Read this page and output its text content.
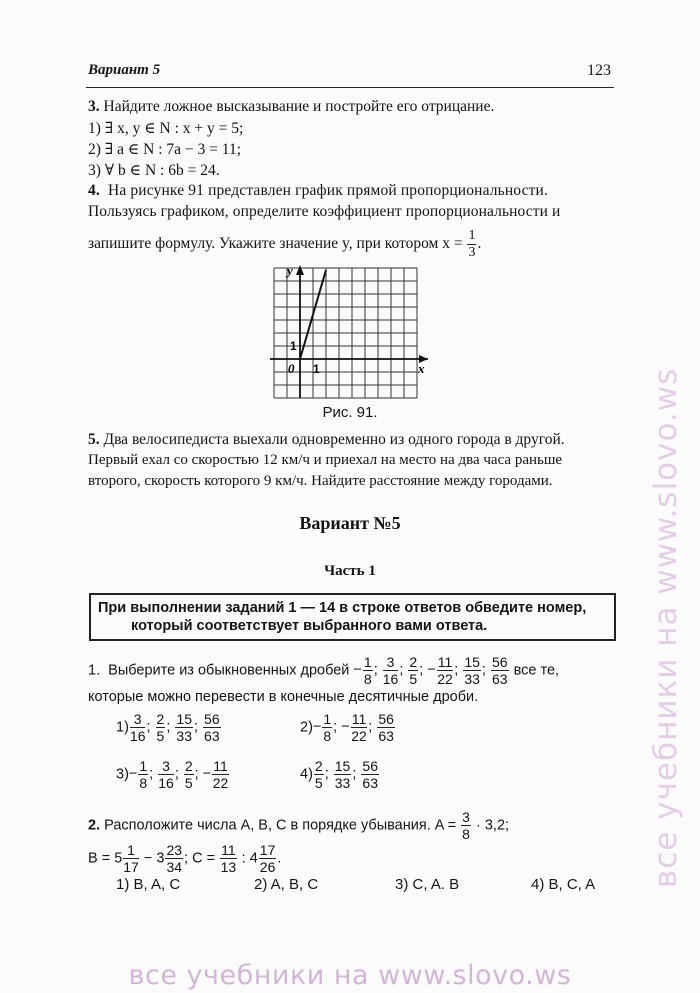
Вариант 5	123
3. Найдите ложное высказывание и постройте его отрицание.
1) ∃ x, y ∈ N : x + y = 5;
2) ∃ a ∈ N : 7a − 3 = 11;
3) ∀ b ∈ N : 6b = 24.
4. На рисунке 91 представлен график прямой пропорциональности.
Пользуясь графиком, определите коэффициент пропорциональности и
запишите формулу. Укажите значение y, при котором $x = \frac{1}{3}$ .
y
x
0 1
1
Рис. 91.
5. Два велосипедиста выехали одновременно из одного города в другой.
Первый ехал со скоростью 12 км/ч и приехал на место на два часа раньше
второго, скорость которого 9 км/ч. Найдите расстояние между городами.
Вариант №5
Часть 1
При выполнении заданий 1 — 14 в строке ответов обведите номер,
который соответствует выбранного вами ответа.
1. Выберите из обыкновенных дробей − $\frac{1}{8}$ ; $\frac{3}{16}$ ; $\frac{2}{5}$ ; − $\frac{11}{22}$ ; $\frac{15}{33}$ ; $\frac{56}{63}$ все те,
которые можно перевести в конечные десятичные дроби.
$1) \frac{3}{16}$ ; $\frac{2}{5}$ ; $\frac{15}{33}$ ; $\frac{56}{63}$	$2)- \frac{1}{8}$ ; − $\frac{11}{22}$ ; $\frac{56}{63}$
$3)- \frac{1}{8}$ ; $\frac{3}{16}$ ; $\frac{2}{5}$ ; − $\frac{11}{22}$	$4) \frac{2}{5}$ ; $\frac{15}{33}$ ; $\frac{56}{63}$
2. Расположите числа A, B, C в порядке убывания. $A = \frac{3}{8} \cdot 3,2$;
$B = 5 \frac{1}{17} - 3 \frac{23}{34}$ ; $C = \frac{11}{13}$ : $4 \frac{17}{26}$ .
1) B, A, C	2) A, B, C	3) C, A. B	4) B, C, A все учебники на www.slovo.ws
все учебники на www.slovo.ws
